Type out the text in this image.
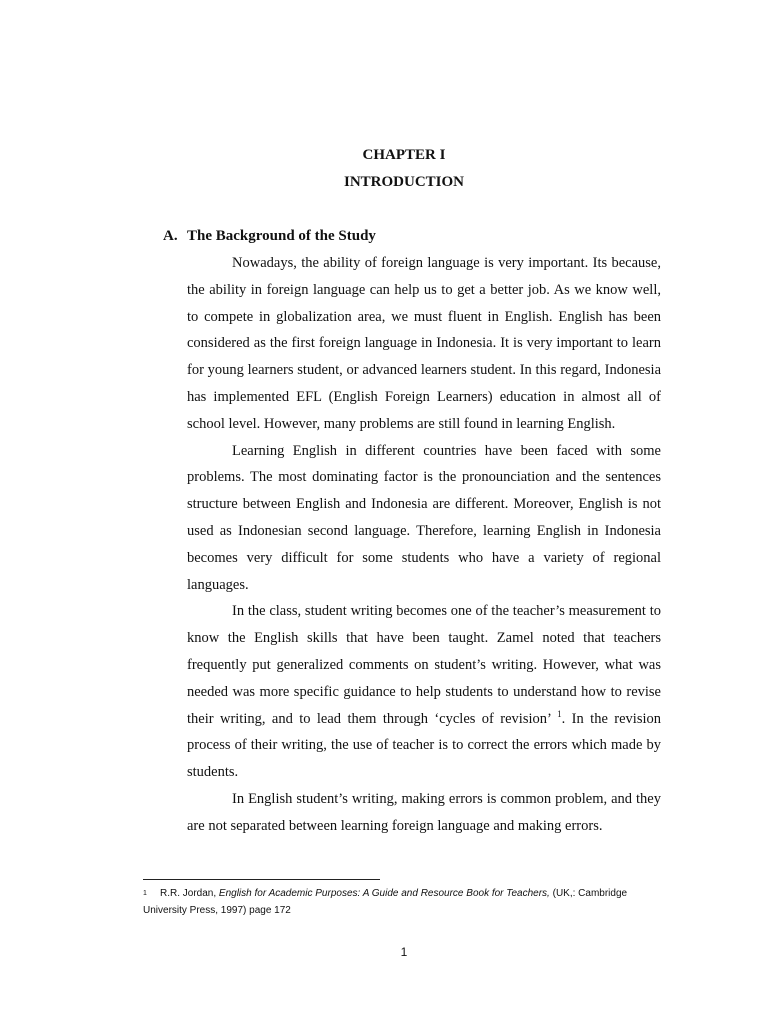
CHAPTER I
INTRODUCTION
A. The Background of the Study

Nowadays, the ability of foreign language is very important. Its because, the ability in foreign language can help us to get a better job. As we know well, to compete in globalization area, we must fluent in English. English has been considered as the first foreign language in Indonesia. It is very important to learn for young learners student, or advanced learners student. In this regard, Indonesia has implemented EFL (English Foreign Learners) education in almost all of school level. However, many problems are still found in learning English.

Learning English in different countries have been faced with some problems. The most dominating factor is the pronounciation and the sentences structure between English and Indonesia are different. Moreover, English is not used as Indonesian second language. Therefore, learning English in Indonesia becomes very difficult for some students who have a variety of regional languages.

In the class, student writing becomes one of the teacher’s measurement to know the English skills that have been taught. Zamel noted that teachers frequently put generalized comments on student’s writing. However, what was needed was more specific guidance to help students to understand how to revise their writing, and to lead them through ‘cycles of revision’ $^1$. In the revision process of their writing, the use of teacher is to correct the errors which made by students.

In English student’s writing, making errors is common problem, and they are not separated between learning foreign language and making errors.

1 R.R. Jordan, English for Academic Purposes: A Guide and Resource Book for Teachers, (UK,: Cambridge University Press, 1997) page 172
1
